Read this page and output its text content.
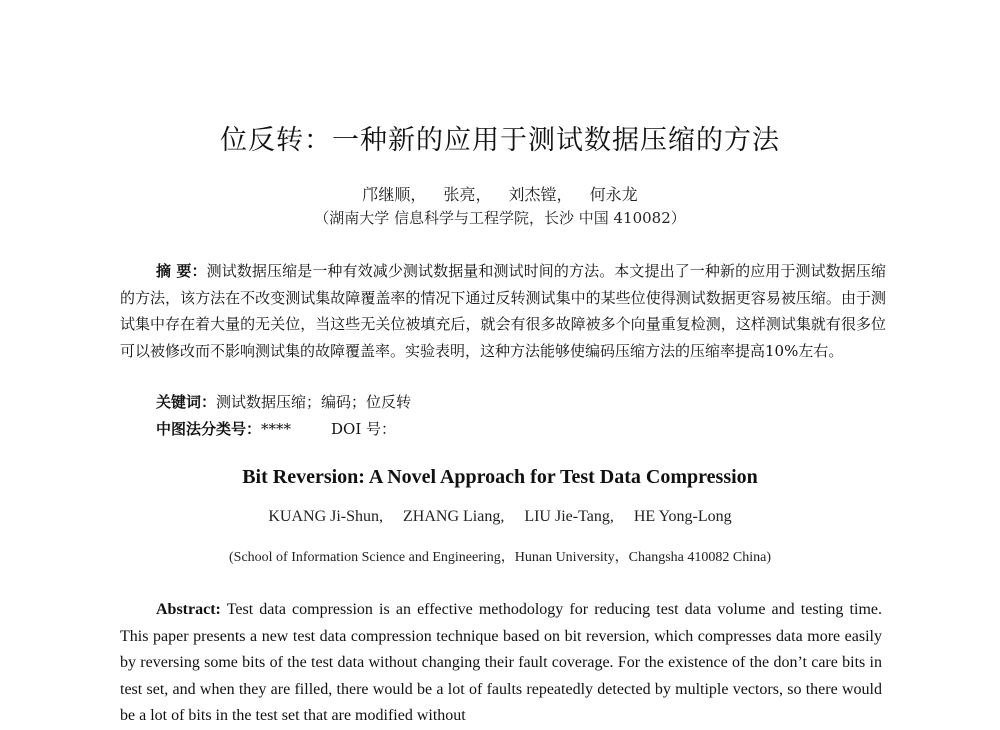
位反转：一种新的应用于测试数据压缩的方法
邝继顺， 张亮， 刘杰镗， 何永龙
（湖南大学 信息科学与工程学院，长沙 中国 410082）
摘 要：测试数据压缩是一种有效减少测试数据量和测试时间的方法。本文提出了一种新的应用于测试数据压缩的方法，该方法在不改变测试集故障覆盖率的情况下通过反转测试集中的某些位使得测试数据更容易被压缩。由于测试集中存在着大量的无关位，当这些无关位被填充后，就会有很多故障被多个向量重复检测，这样测试集就有很多位可以被修改而不影响测试集的故障覆盖率。实验表明，这种方法能够使编码压缩方法的压缩率提高10%左右。
关键词：测试数据压缩；编码；位反转
中图法分类号：****	DOI 号：
Bit Reversion: A Novel Approach for Test Data Compression
KUANG Ji-Shun, ZHANG Liang, LIU Jie-Tang, HE Yong-Long
(School of Information Science and Engineering，Hunan University，Changsha 410082 China)
Abstract: Test data compression is an effective methodology for reducing test data volume and testing time. This paper presents a new test data compression technique based on bit reversion, which compresses data more easily by reversing some bits of the test data without changing their fault coverage. For the existence of the don’t care bits in test set, and when they are filled, there would be a lot of faults repeatedly detected by multiple vectors, so there would be a lot of bits in the test set that are modified without
